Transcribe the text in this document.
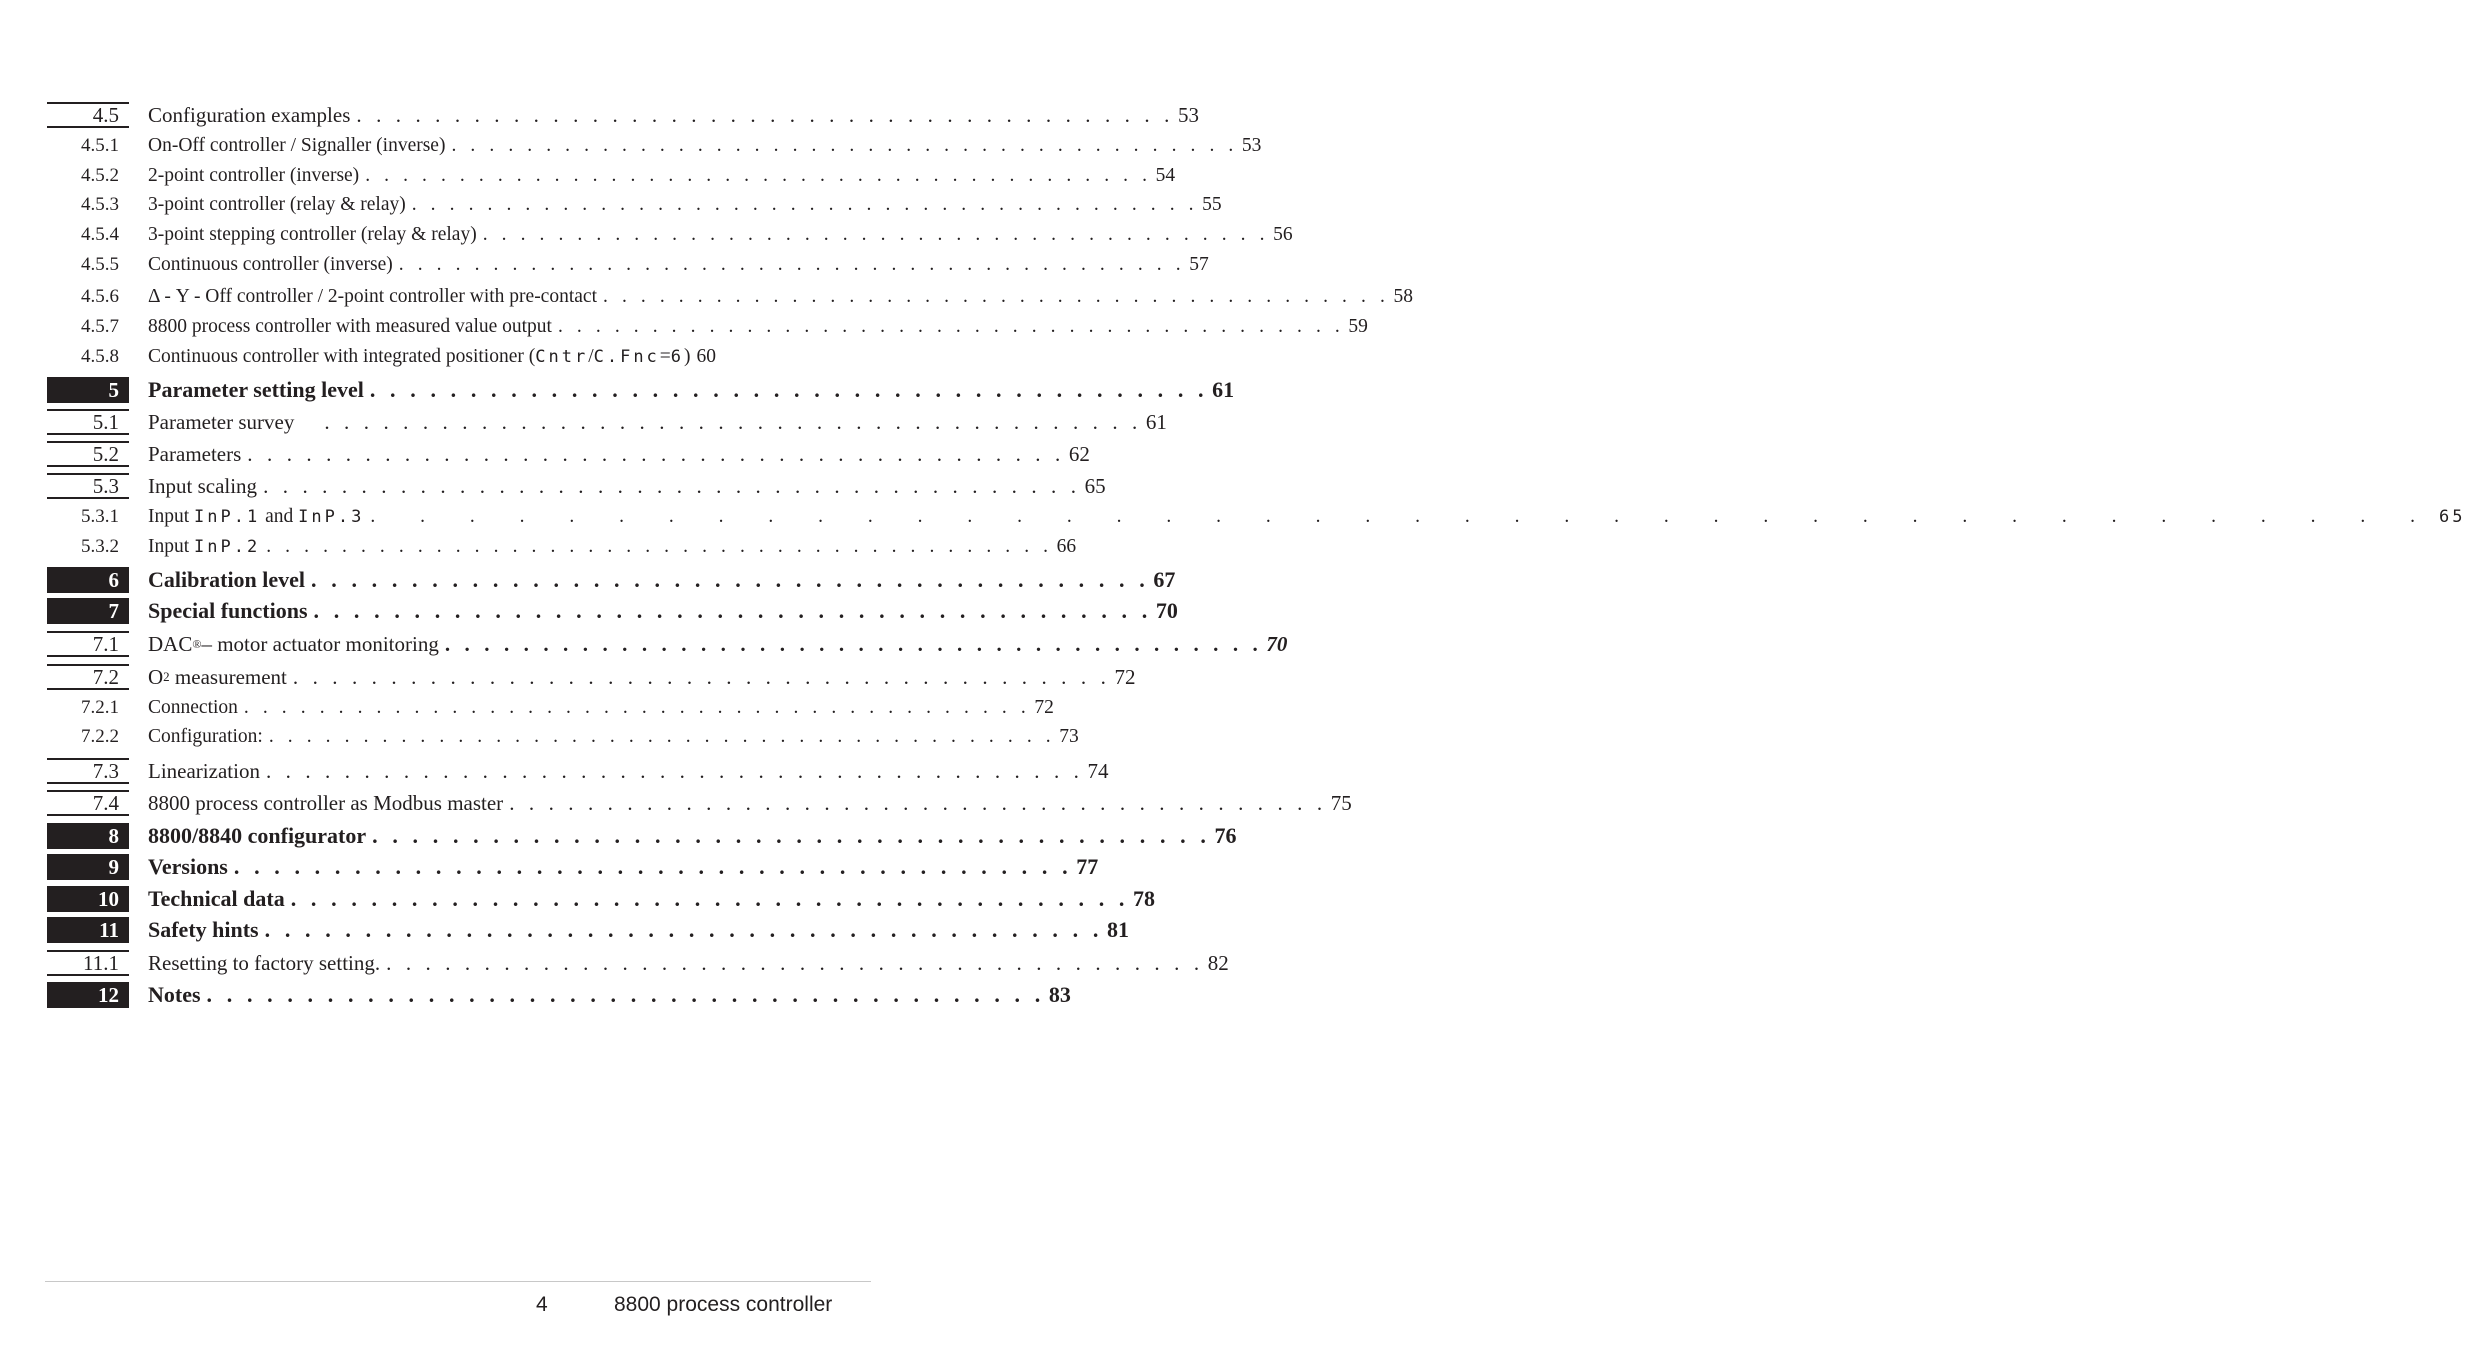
4.5	Configuration examples . . . . . . . . . . . . . . . . . . . . . . . . . . . . . . . . . . . . . . . . . . 53
4.5.1	On-Off controller / Signaller (inverse) . . . . . . . . . . . . . . . . . . . . . . . . . . . . . . . . . . . . . . . . . . 53
4.5.2	2-point controller (inverse) . . . . . . . . . . . . . . . . . . . . . . . . . . . . . . . . . . . . . . . . . . 54
4.5.3	3-point controller (relay & relay) . . . . . . . . . . . . . . . . . . . . . . . . . . . . . . . . . . . . . . . . . . 55
4.5.4	3-point stepping controller (relay & relay) . . . . . . . . . . . . . . . . . . . . . . . . . . . . . . . . . . . . . . . . . . 56
4.5.5	Continuous controller (inverse) . . . . . . . . . . . . . . . . . . . . . . . . . . . . . . . . . . . . . . . . . . 57
4.5.6	Δ - Y - Off controller / 2-point controller with pre-contact . . . . . . . . . . . . . . . . . . . . . . . . . . . . . . . . . . . . . . . . . . 58
4.5.7	8800 process controller with measured value output . . . . . . . . . . . . . . . . . . . . . . . . . . . . . . . . . . . . . . . . . . 59
4.5.8	Continuous controller with integrated positioner ( Cntr / C.Fnc = 6 ) 60
5	Parameter setting level . . . . . . . . . . . . . . . . . . . . . . . . . . . . . . . . . . . . . . . . . . 61
5.1	Parameter survey	. . . . . . . . . . . . . . . . . . . . . . . . . . . . . . . . . . . . . . . . . . 61
5.2	Parameters . . . . . . . . . . . . . . . . . . . . . . . . . . . . . . . . . . . . . . . . . . 62
5.3	Input scaling . . . . . . . . . . . . . . . . . . . . . . . . . . . . . . . . . . . . . . . . . . 65
5.3.1	Input InP.1 and InP.3 . . . . . . . . . . . . . . . . . . . . . . . . . . . . . . . . . . . . . . . . . . 65
5.3.2	Input InP.2 . . . . . . . . . . . . . . . . . . . . . . . . . . . . . . . . . . . . . . . . . . 66
6	Calibration level . . . . . . . . . . . . . . . . . . . . . . . . . . . . . . . . . . . . . . . . . . 67
7	Special functions . . . . . . . . . . . . . . . . . . . . . . . . . . . . . . . . . . . . . . . . . . 70
7.1	DAC ® – motor actuator monitoring . . . . . . . . . . . . . . . . . . . . . . . . . . . . . . . . . . . . . . . . . . 70
7.2	O 2 measurement . . . . . . . . . . . . . . . . . . . . . . . . . . . . . . . . . . . . . . . . . . 72
7.2.1	Connection . . . . . . . . . . . . . . . . . . . . . . . . . . . . . . . . . . . . . . . . . . 72
7.2.2	Configuration: . . . . . . . . . . . . . . . . . . . . . . . . . . . . . . . . . . . . . . . . . . 73
7.3	Linearization . . . . . . . . . . . . . . . . . . . . . . . . . . . . . . . . . . . . . . . . . . 74
7.4	8800 process controller as Modbus master . . . . . . . . . . . . . . . . . . . . . . . . . . . . . . . . . . . . . . . . . . 75
8	8800/8840 configurator . . . . . . . . . . . . . . . . . . . . . . . . . . . . . . . . . . . . . . . . . . 76
9	Versions . . . . . . . . . . . . . . . . . . . . . . . . . . . . . . . . . . . . . . . . . . 77
10	Technical data . . . . . . . . . . . . . . . . . . . . . . . . . . . . . . . . . . . . . . . . . . 78
11	Safety hints . . . . . . . . . . . . . . . . . . . . . . . . . . . . . . . . . . . . . . . . . . 81
11.1	Resetting to factory setting. . . . . . . . . . . . . . . . . . . . . . . . . . . . . . . . . . . . . . . . . . . 82
12	Notes . . . . . . . . . . . . . . . . . . . . . . . . . . . . . . . . . . . . . . . . . . 83
4	8800 process controller
